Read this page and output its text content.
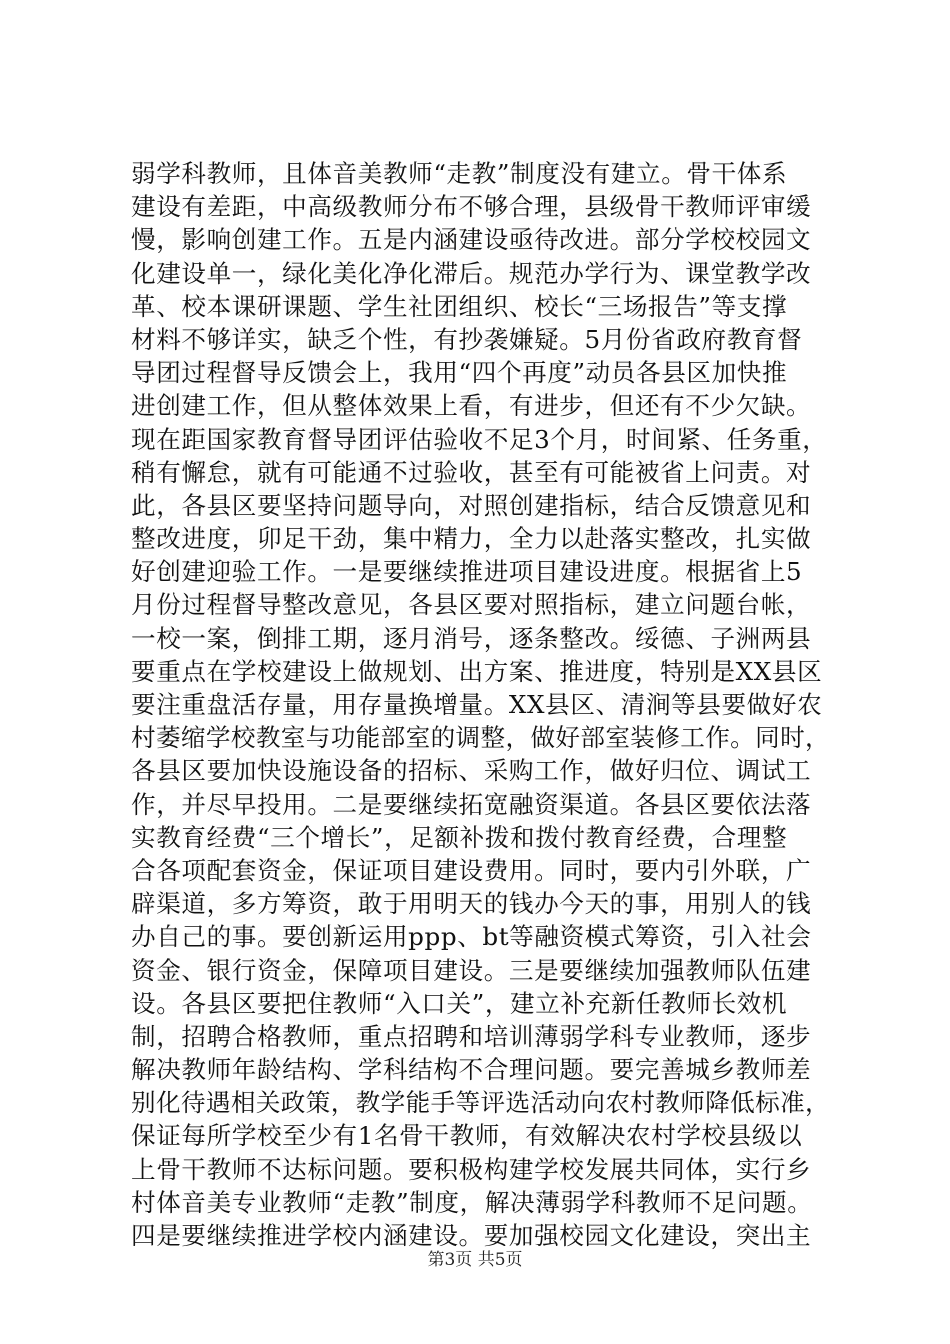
弱学科教师，且体音美教师“走教”制度没有建立。骨干体系
建设有差距，中高级教师分布不够合理，县级骨干教师评审缓
慢，影响创建工作。五是内涵建设亟待改进。部分学校校园文
化建设单一，绿化美化净化滞后。规范办学行为、课堂教学改
革、校本课研课题、学生社团组织、校长“三场报告”等支撑
材料不够详实，缺乏个性，有抄袭嫌疑。5月份省政府教育督
导团过程督导反馈会上，我用“四个再度”动员各县区加快推
进创建工作，但从整体效果上看，有进步，但还有不少欠缺。
现在距国家教育督导团评估验收不足3个月，时间紧、任务重，
稍有懈怠，就有可能通不过验收，甚至有可能被省上问责。对
此，各县区要坚持问题导向，对照创建指标，结合反馈意见和
整改进度，卯足干劲，集中精力，全力以赴落实整改，扎实做
好创建迎验工作。一是要继续推进项目建设进度。根据省上5
月份过程督导整改意见，各县区要对照指标，建立问题台帐，
一校一案，倒排工期，逐月消号，逐条整改。绥德、子洲两县
要重点在学校建设上做规划、出方案、推进度，特别是XX县区
要注重盘活存量，用存量换增量。XX县区、清涧等县要做好农
村萎缩学校教室与功能部室的调整，做好部室装修工作。同时，
各县区要加快设施设备的招标、采购工作，做好归位、调试工
作，并尽早投用。二是要继续拓宽融资渠道。各县区要依法落
实教育经费“三个增长”，足额补拨和拨付教育经费，合理整
合各项配套资金，保证项目建设费用。同时，要内引外联，广
辟渠道，多方筹资，敢于用明天的钱办今天的事，用别人的钱
办自己的事。要创新运用ppp、bt等融资模式筹资，引入社会
资金、银行资金，保障项目建设。三是要继续加强教师队伍建
设。各县区要把住教师“入口关”，建立补充新任教师长效机
制，招聘合格教师，重点招聘和培训薄弱学科专业教师，逐步
解决教师年龄结构、学科结构不合理问题。要完善城乡教师差
别化待遇相关政策，教学能手等评选活动向农村教师降低标准，
保证每所学校至少有1名骨干教师，有效解决农村学校县级以
上骨干教师不达标问题。要积极构建学校发展共同体，实行乡
村体音美专业教师“走教”制度，解决薄弱学科教师不足问题。
四是要继续推进学校内涵建设。要加强校园文化建设，突出主
第3页 共5页
